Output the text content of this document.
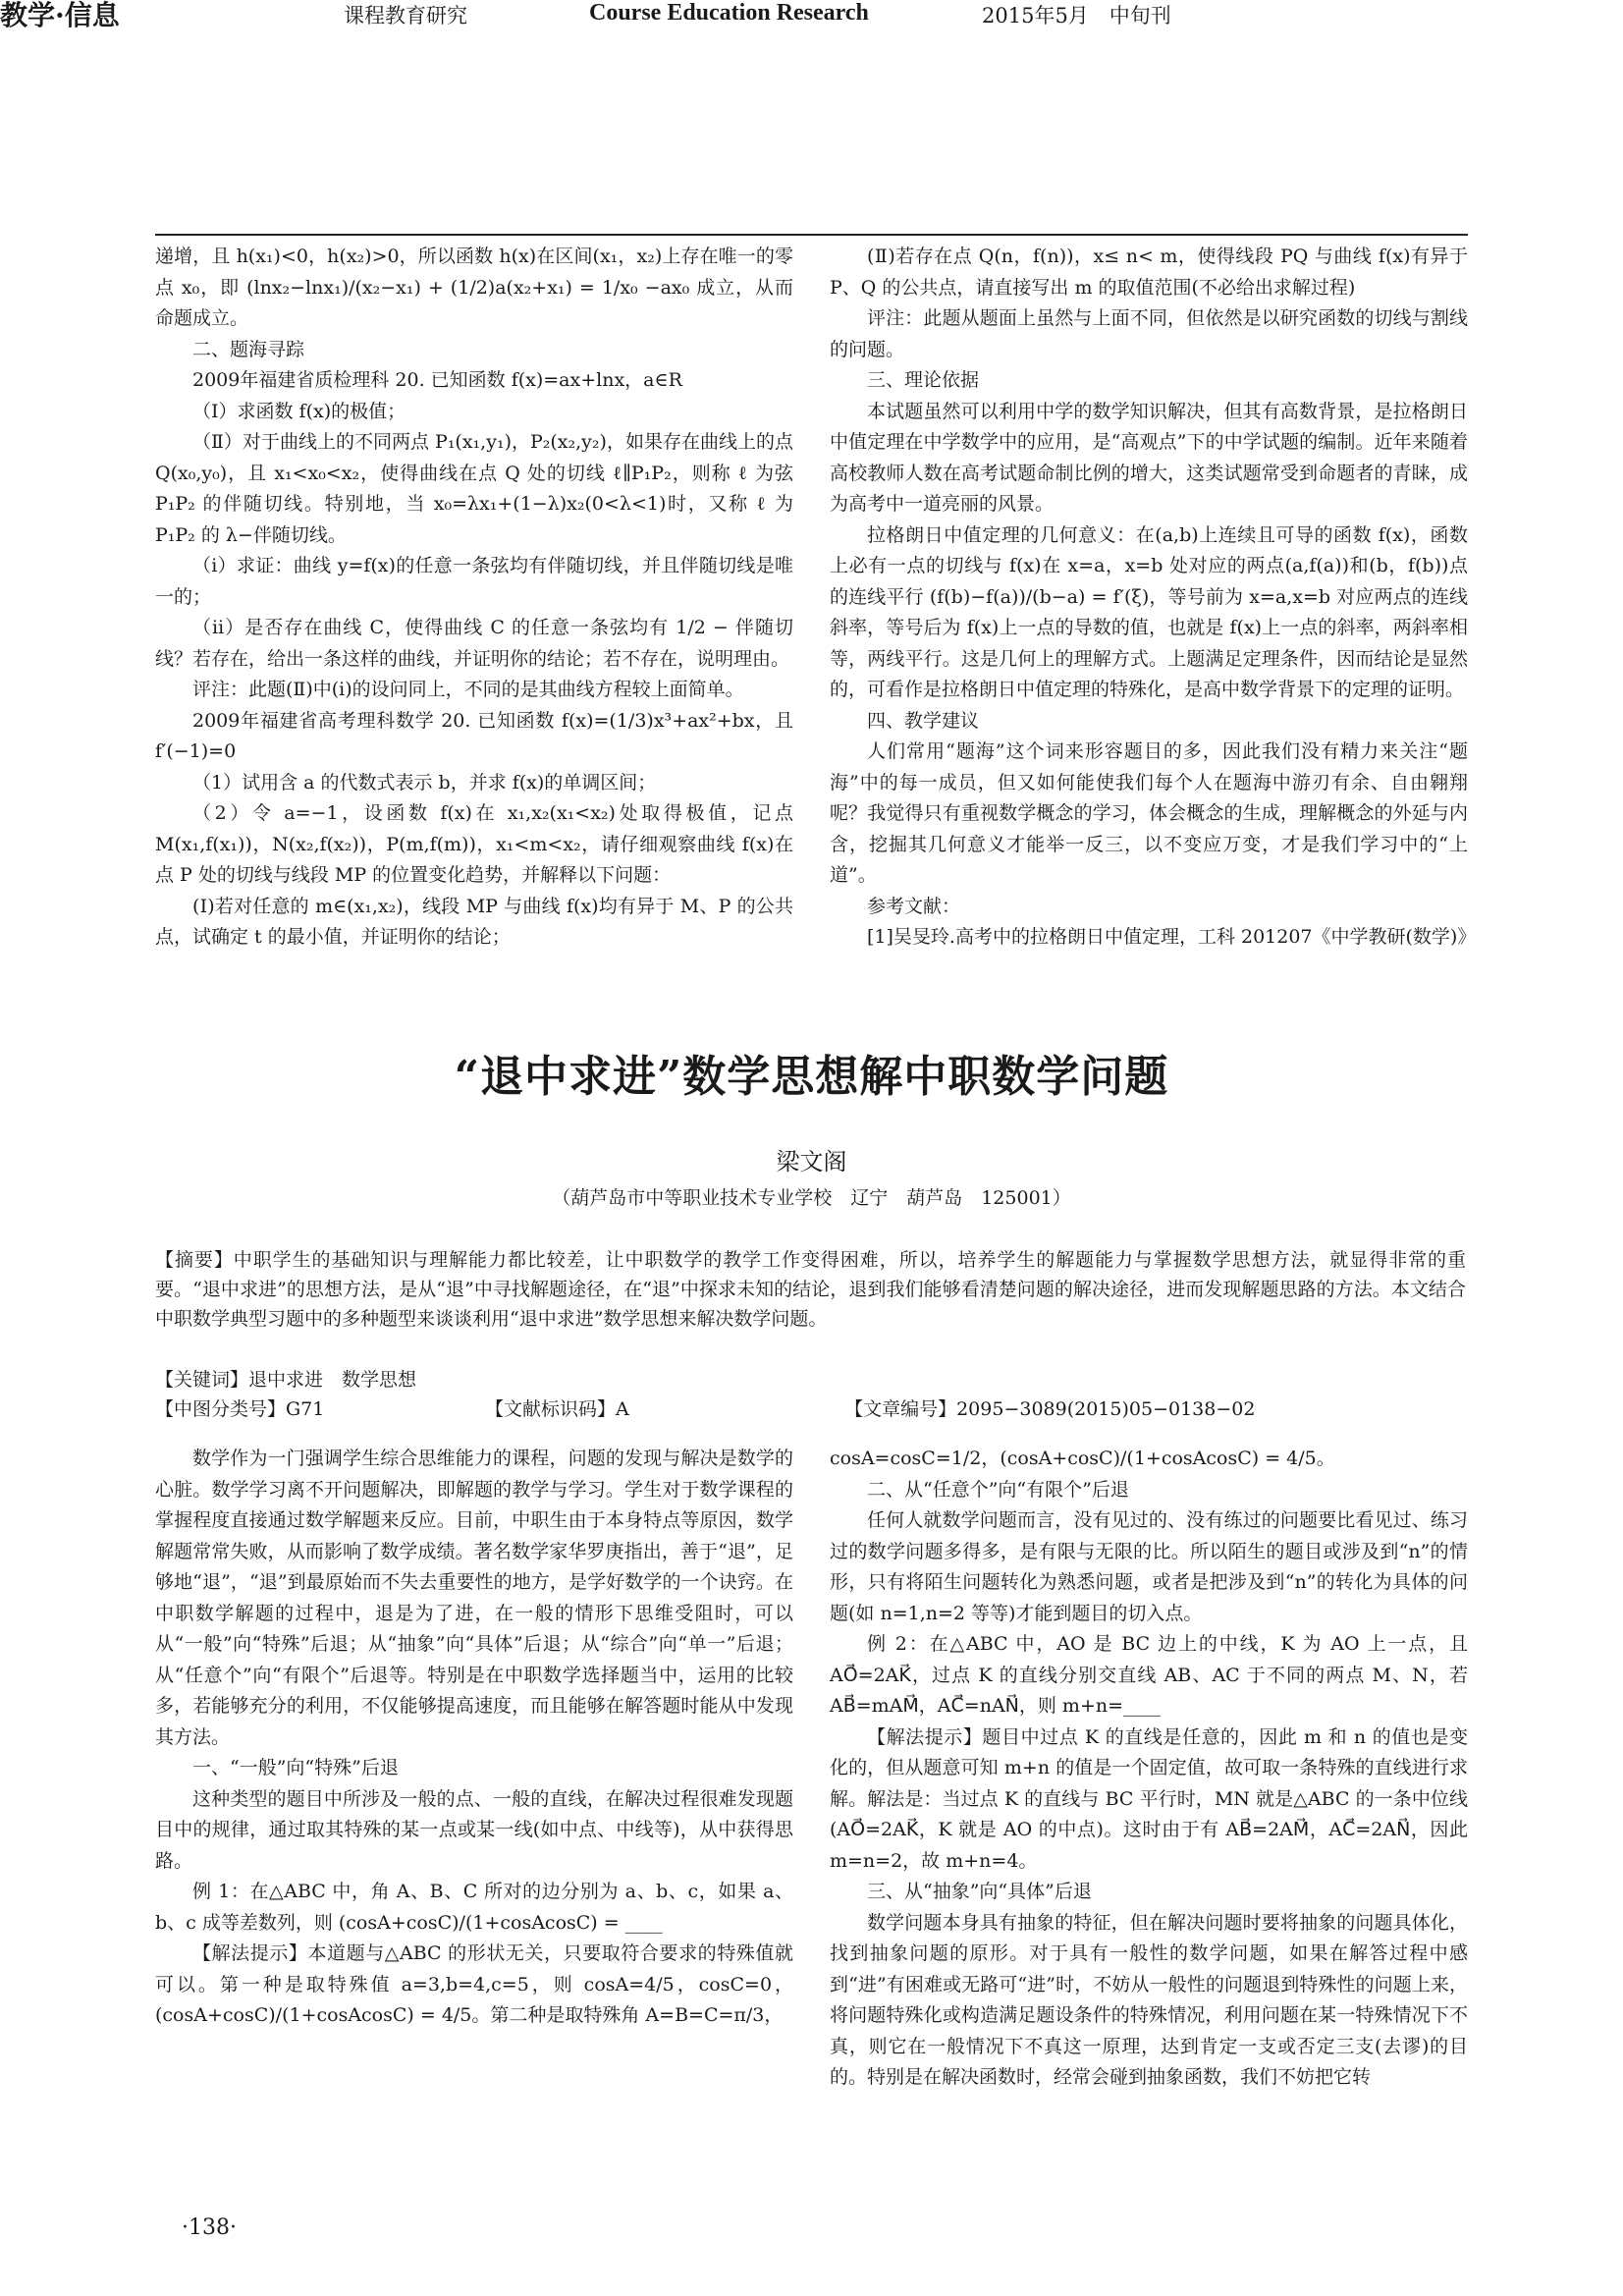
教学·信息	课程教育研究	Course Education Research	2015年5月　中旬刊

递增，且 h(x₁)<0，h(x₂)>0，所以函数 h(x)在区间(x₁，x₂)上存在唯一的零点 x₀，即 (lnx₂−lnx₁)/(x₂−x₁) + (1/2)a(x₂+x₁) = 1/x₀ −ax₀ 成立，从而命题成立。

二、题海寻踪

2009年福建省质检理科 20. 已知函数 f(x)=ax+lnx，a∈R

（Ⅰ）求函数 f(x)的极值；

（Ⅱ）对于曲线上的不同两点 P₁(x₁,y₁)，P₂(x₂,y₂)，如果存在曲线上的点 Q(x₀,y₀)，且 x₁<x₀<x₂，使得曲线在点 Q 处的切线 ℓ∥P₁P₂，则称 ℓ 为弦 P₁P₂ 的伴随切线。特别地，当 x₀=λx₁+(1−λ)x₂(0<λ<1)时，又称 ℓ 为 P₁P₂ 的 λ−伴随切线。

（ⅰ）求证：曲线 y=f(x)的任意一条弦均有伴随切线，并且伴随切线是唯一的；

（ⅱ）是否存在曲线 C，使得曲线 C 的任意一条弦均有 1/2 − 伴随切线？若存在，给出一条这样的曲线，并证明你的结论；若不存在，说明理由。

评注：此题(Ⅱ)中(ⅰ)的设问同上，不同的是其曲线方程较上面简单。

2009年福建省高考理科数学 20. 已知函数 f(x)=(1/3)x³+ax²+bx，且 f′(−1)=0

（1）试用含 a 的代数式表示 b，并求 f(x)的单调区间；

（2）令 a=−1，设函数 f(x)在 x₁,x₂(x₁<x₂)处取得极值，记点 M(x₁,f(x₁))，N(x₂,f(x₂))，P(m,f(m))，x₁<m<x₂，请仔细观察曲线 f(x)在点 P 处的切线与线段 MP 的位置变化趋势，并解释以下问题：

(Ⅰ)若对任意的 m∈(x₁,x₂)，线段 MP 与曲线 f(x)均有异于 M、P 的公共点，试确定 t 的最小值，并证明你的结论；

(Ⅱ)若存在点 Q(n，f(n))，x≤ n< m，使得线段 PQ 与曲线 f(x)有异于 P、Q 的公共点，请直接写出 m 的取值范围(不必给出求解过程)

评注：此题从题面上虽然与上面不同，但依然是以研究函数的切线与割线的问题。

三、理论依据

本试题虽然可以利用中学的数学知识解决，但其有高数背景，是拉格朗日中值定理在中学数学中的应用，是“高观点”下的中学试题的编制。近年来随着高校教师人数在高考试题命制比例的增大，这类试题常受到命题者的青睐，成为高考中一道亮丽的风景。

拉格朗日中值定理的几何意义：在(a,b)上连续且可导的函数 f(x)，函数上必有一点的切线与 f(x)在 x=a，x=b 处对应的两点(a,f(a))和(b，f(b))点的连线平行 (f(b)−f(a))/(b−a) = f′(ξ)，等号前为 x=a,x=b 对应两点的连线斜率，等号后为 f(x)上一点的导数的值，也就是 f(x)上一点的斜率，两斜率相等，两线平行。这是几何上的理解方式。上题满足定理条件，因而结论是显然的，可看作是拉格朗日中值定理的特殊化，是高中数学背景下的定理的证明。

四、教学建议

人们常用“题海”这个词来形容题目的多，因此我们没有精力来关注“题海”中的每一成员，但又如何能使我们每个人在题海中游刃有余、自由翱翔呢？我觉得只有重视数学概念的学习，体会概念的生成，理解概念的外延与内含，挖掘其几何意义才能举一反三，以不变应万变，才是我们学习中的“上道”。

参考文献：

[1]吴旻玲.高考中的拉格朗日中值定理，工科 201207《中学教研(数学)》

“退中求进”数学思想解中职数学问题
梁文阁
（葫芦岛市中等职业技术专业学校　辽宁　葫芦岛　125001）

【摘要】中职学生的基础知识与理解能力都比较差，让中职数学的教学工作变得困难，所以，培养学生的解题能力与掌握数学思想方法，就显得非常的重要。“退中求进”的思想方法，是从“退”中寻找解题途径，在“退”中探求未知的结论，退到我们能够看清楚问题的解决途径，进而发现解题思路的方法。本文结合中职数学典型习题中的多种题型来谈谈利用“退中求进”数学思想来解决数学问题。

【关键词】退中求进　数学思想

【中图分类号】G71	【文献标识码】A	【文章编号】2095−3089(2015)05−0138−02

数学作为一门强调学生综合思维能力的课程，问题的发现与解决是数学的心脏。数学学习离不开问题解决，即解题的教学与学习。学生对于数学课程的掌握程度直接通过数学解题来反应。目前，中职生由于本身特点等原因，数学解题常常失败，从而影响了数学成绩。著名数学家华罗庚指出，善于“退”，足够地“退”，“退”到最原始而不失去重要性的地方，是学好数学的一个诀窍。在中职数学解题的过程中，退是为了进，在一般的情形下思维受阻时，可以从“一般”向“特殊”后退；从“抽象”向“具体”后退；从“综合”向“单一”后退；从“任意个”向“有限个”后退等。特别是在中职数学选择题当中，运用的比较多，若能够充分的利用，不仅能够提高速度，而且能够在解答题时能从中发现其方法。

一、“一般”向“特殊”后退

这种类型的题目中所涉及一般的点、一般的直线，在解决过程很难发现题目中的规律，通过取其特殊的某一点或某一线(如中点、中线等)，从中获得思路。

例 1：在△ABC 中，角 A、B、C 所对的边分别为 a、b、c，如果 a、b、c 成等差数列，则 (cosA+cosC)/(1+cosAcosC) = ____

【解法提示】本道题与△ABC 的形状无关，只要取符合要求的特殊值就可以。第一种是取特殊值 a=3,b=4,c=5，则 cosA=4/5，cosC=0，(cosA+cosC)/(1+cosAcosC) = 4/5。第二种是取特殊角 A=B=C=π/3，

cosA=cosC=1/2，(cosA+cosC)/(1+cosAcosC) = 4/5。

二、从“任意个”向“有限个”后退

任何人就数学问题而言，没有见过的、没有练过的问题要比看见过、练习过的数学问题多得多，是有限与无限的比。所以陌生的题目或涉及到“n”的情形，只有将陌生问题转化为熟悉问题，或者是把涉及到“n”的转化为具体的问题(如 n=1,n=2 等等)才能到题目的切入点。

例 2：在△ABC 中，AO 是 BC 边上的中线，K 为 AO 上一点，且 AO⃗=2AK⃗，过点 K 的直线分别交直线 AB、AC 于不同的两点 M、N，若 AB⃗=mAM⃗，AC⃗=nAN⃗，则 m+n=____

【解法提示】题目中过点 K 的直线是任意的，因此 m 和 n 的值也是变化的，但从题意可知 m+n 的值是一个固定值，故可取一条特殊的直线进行求解。解法是：当过点 K 的直线与 BC 平行时，MN 就是△ABC 的一条中位线(AO⃗=2AK⃗，K 就是 AO 的中点)。这时由于有 AB⃗=2AM⃗，AC⃗=2AN⃗，因此 m=n=2，故 m+n=4。

三、从“抽象”向“具体”后退

数学问题本身具有抽象的特征，但在解决问题时要将抽象的问题具体化，找到抽象问题的原形。对于具有一般性的数学问题，如果在解答过程中感到“进”有困难或无路可“进”时，不妨从一般性的问题退到特殊性的问题上来，将问题特殊化或构造满足题设条件的特殊情况，利用问题在某一特殊情况下不真，则它在一般情况下不真这一原理，达到肯定一支或否定三支(去谬)的目的。特别是在解决函数时，经常会碰到抽象函数，我们不妨把它转

·138·
